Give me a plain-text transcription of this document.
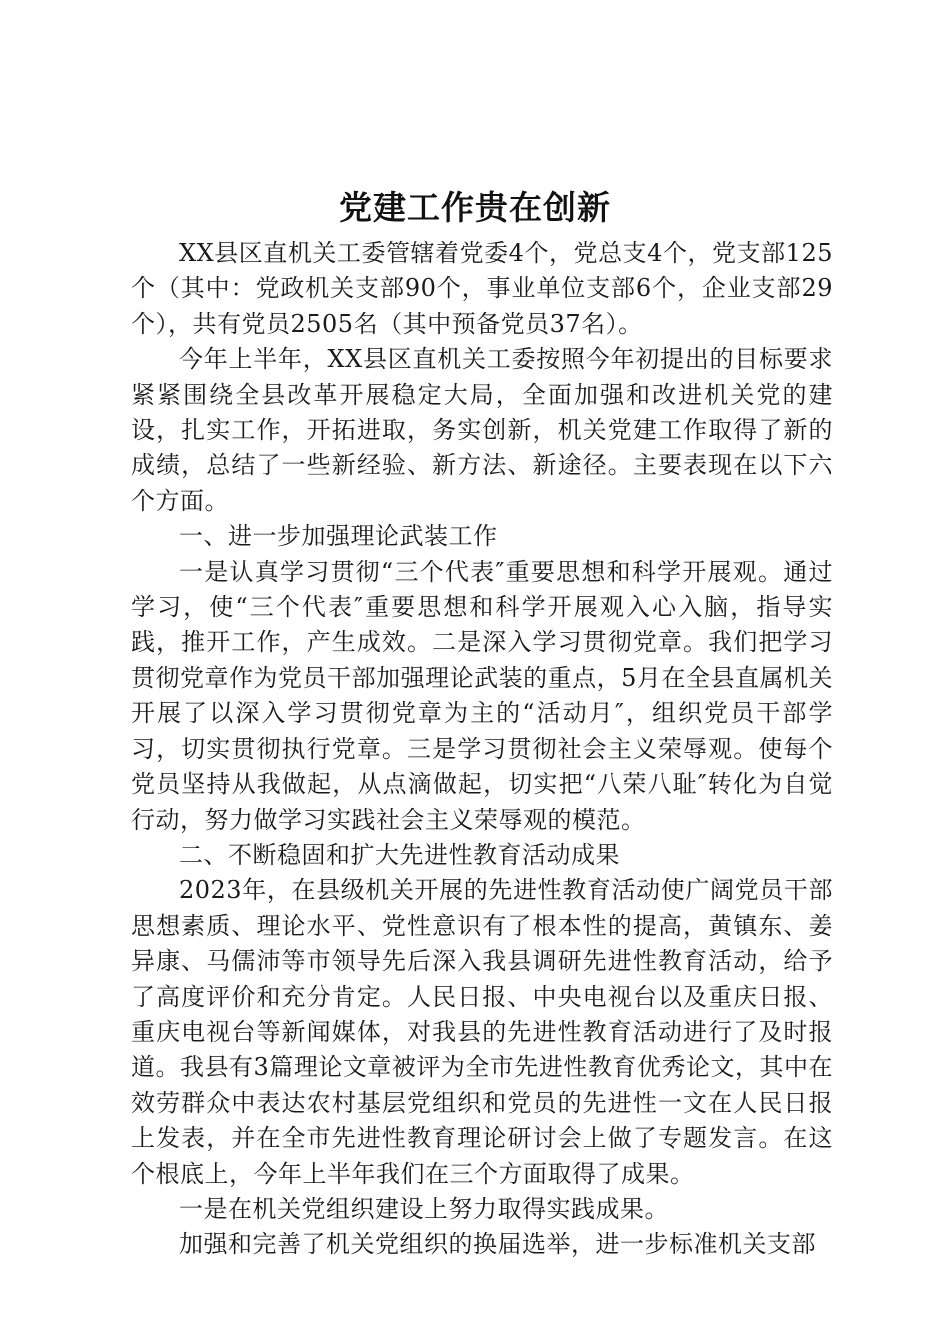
党建工作贵在创新

XX县区直机关工委管辖着党委4个，党总支4个，党支部125个（其中：党政机关支部90个，事业单位支部6个，企业支部29个），共有党员2505名（其中预备党员37名）。

今年上半年，XX县区直机关工委按照今年初提出的目标要求紧紧围绕全县改革开展稳定大局，全面加强和改进机关党的建设，扎实工作，开拓进取，务实创新，机关党建工作取得了新的成绩，总结了一些新经验、新方法、新途径。主要表现在以下六个方面。

一、进一步加强理论武装工作

一是认真学习贯彻“三个代表″重要思想和科学开展观。通过学习，使“三个代表″重要思想和科学开展观入心入脑，指导实践，推开工作，产生成效。二是深入学习贯彻党章。我们把学习贯彻党章作为党员干部加强理论武装的重点，5月在全县直属机关开展了以深入学习贯彻党章为主的“活动月″，组织党员干部学习，切实贯彻执行党章。三是学习贯彻社会主义荣辱观。使每个党员坚持从我做起，从点滴做起，切实把“八荣八耻″转化为自觉行动，努力做学习实践社会主义荣辱观的模范。

二、不断稳固和扩大先进性教育活动成果

2023年，在县级机关开展的先进性教育活动使广阔党员干部思想素质、理论水平、党性意识有了根本性的提高，黄镇东、姜异康、马儒沛等市领导先后深入我县调研先进性教育活动，给予了高度评价和充分肯定。人民日报、中央电视台以及重庆日报、重庆电视台等新闻媒体，对我县的先进性教育活动进行了及时报道。我县有3篇理论文章被评为全市先进性教育优秀论文，其中在效劳群众中表达农村基层党组织和党员的先进性一文在人民日报上发表，并在全市先进性教育理论研讨会上做了专题发言。在这个根底上，今年上半年我们在三个方面取得了成果。

一是在机关党组织建设上努力取得实践成果。

加强和完善了机关党组织的换届选举，进一步标准机关支部
